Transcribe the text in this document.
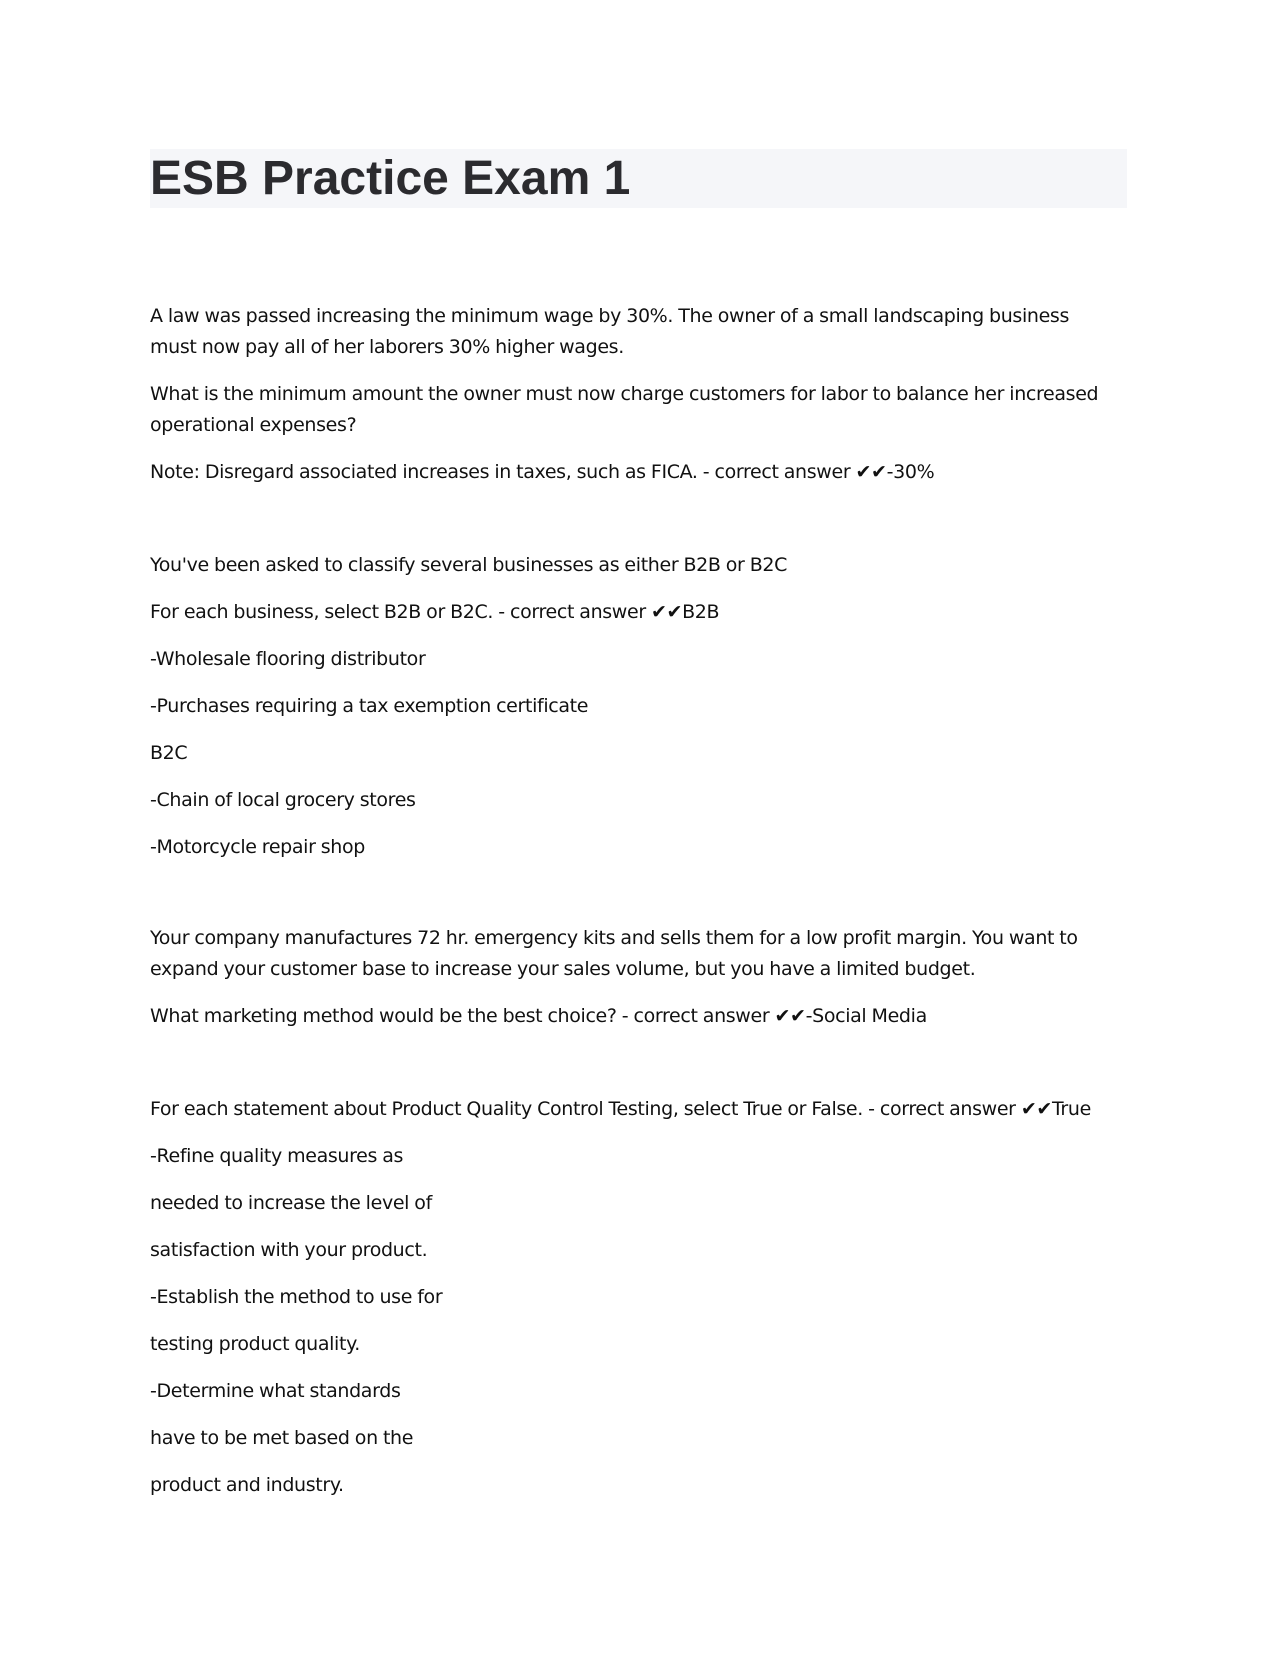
ESB Practice Exam 1

A law was passed increasing the minimum wage by 30%. The owner of a small landscaping business must now pay all of her laborers 30% higher wages.

What is the minimum amount the owner must now charge customers for labor to balance her increased operational expenses?

Note: Disregard associated increases in taxes, such as FICA. - correct answer ✔✔-30%

You've been asked to classify several businesses as either B2B or B2C
For each business, select B2B or B2C. - correct answer ✔✔B2B
-Wholesale flooring distributor
-Purchases requiring a tax exemption certificate
B2C
-Chain of local grocery stores
-Motorcycle repair shop

Your company manufactures 72 hr. emergency kits and sells them for a low profit margin. You want to expand your customer base to increase your sales volume, but you have a limited budget.

What marketing method would be the best choice? - correct answer ✔✔-Social Media

For each statement about Product Quality Control Testing, select True or False. - correct answer ✔✔True
-Refine quality measures as
needed to increase the level of
satisfaction with your product.
-Establish the method to use for
testing product quality.
-Determine what standards
have to be met based on the
product and industry.
